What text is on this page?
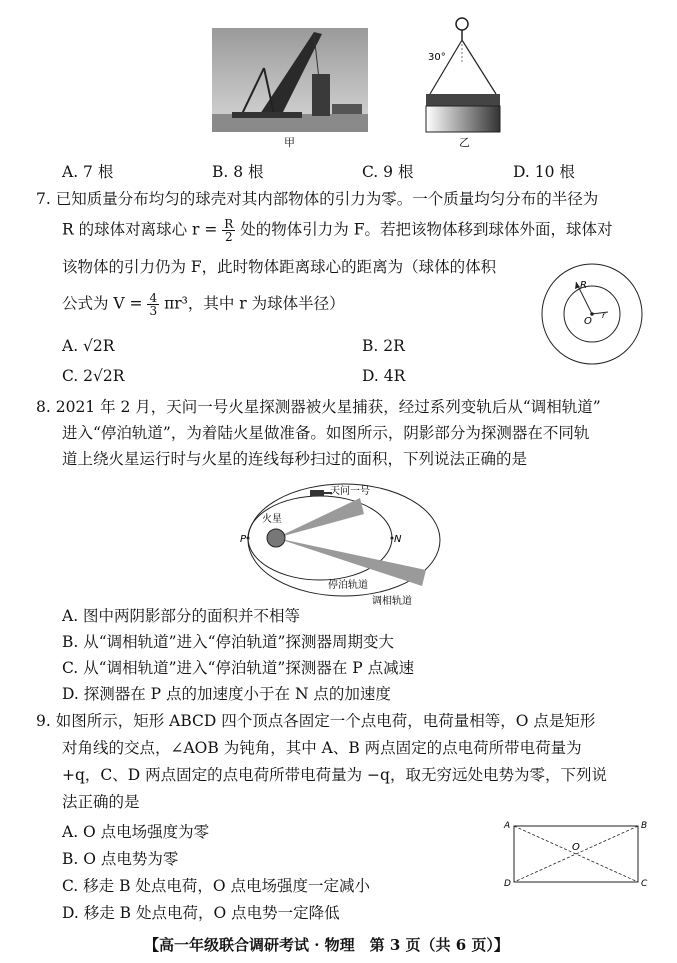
甲
30°
乙
A. 7 根	B. 8 根	C. 9 根	D. 10 根
7. 已知质量分布均匀的球壳对其内部物体的引力为零。一个质量均匀分布的半径为
R 的球体对离球心 $r = \frac{R}{2}$ 处的物体引力为 F。若把该物体移到球体外面，球体对
该物体的引力仍为 F，此时物体距离球心的距离为（球体的体积
公式为 $V = \frac{4}{3} \pi r^3$，其中 r 为球体半径）
R
O
r
A. √2R	B. 2R
C. 2√2R	D. 4R
8. 2021 年 2 月，天问一号火星探测器被火星捕获，经过系列变轨后从“调相轨道”
进入“停泊轨道”，为着陆火星做准备。如图所示，阴影部分为探测器在不同轨
道上绕火星运行时与火星的连线每秒扫过的面积，下列说法正确的是
火星
天问一号
停泊轨道
调相轨道
P	N
A. 图中两阴影部分的面积并不相等
B. 从“调相轨道”进入“停泊轨道”探测器周期变大
C. 从“调相轨道”进入“停泊轨道”探测器在 P 点减速
D. 探测器在 P 点的加速度小于在 N 点的加速度
9. 如图所示，矩形 ABCD 四个顶点各固定一个点电荷，电荷量相等，O 点是矩形
对角线的交点，∠AOB 为钝角，其中 A、B 两点固定的点电荷所带电荷量为
+q，C、D 两点固定的点电荷所带电荷量为 −q，取无穷远处电势为零，下列说
法正确的是
A	B
C
D
O
A. O 点电场强度为零
B. O 点电势为零
C. 移走 B 处点电荷，O 点电场强度一定减小
D. 移走 B 处点电荷，O 点电势一定降低
【高一年级联合调研考试 · 物理　第 3 页（共 6 页）】
